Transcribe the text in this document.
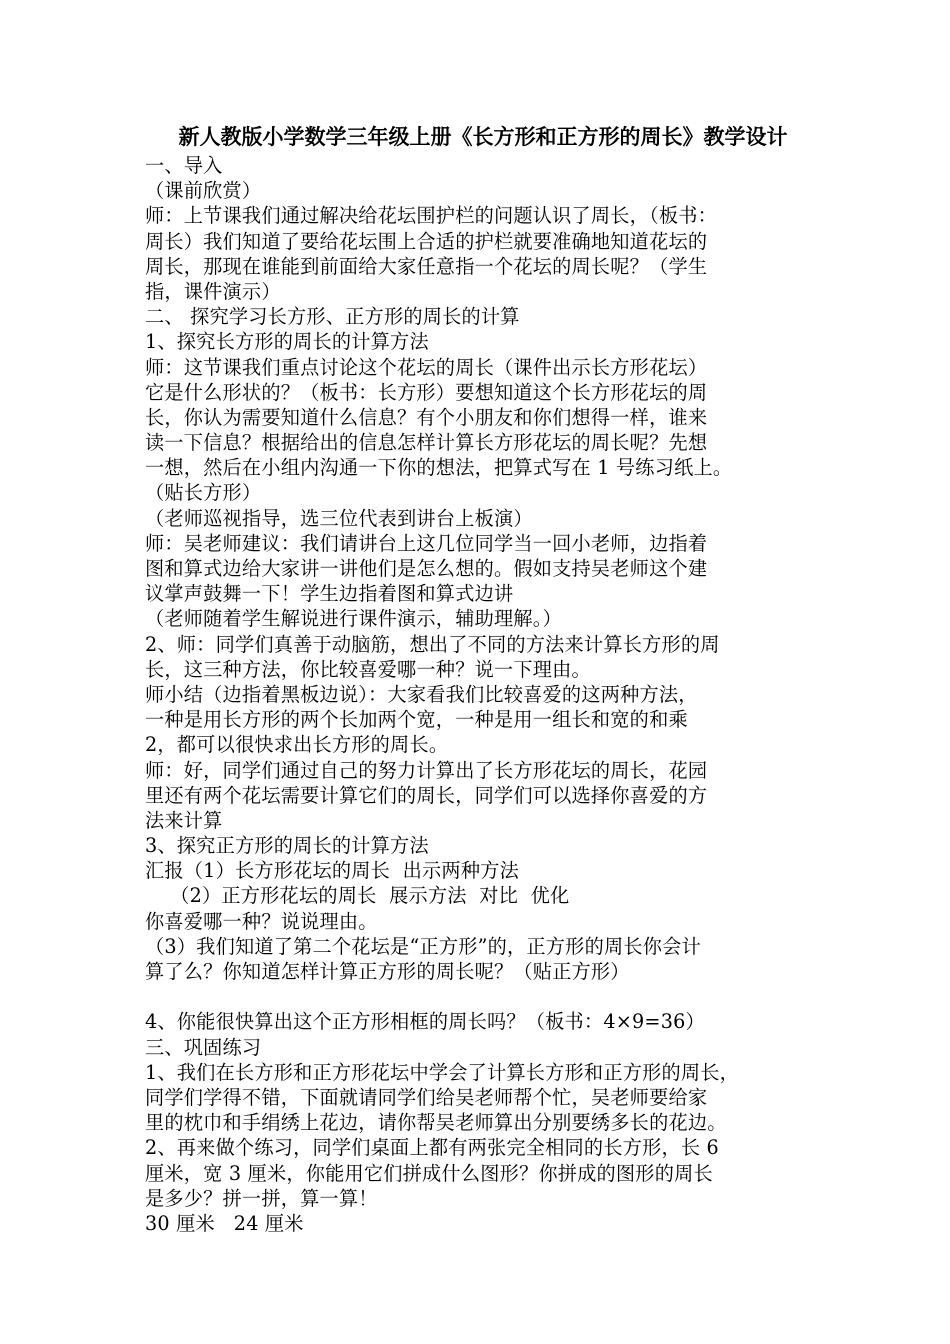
新人教版小学数学三年级上册《长方形和正方形的周长》教学设计
一、导入
（课前欣赏）
师：上节课我们通过解决给花坛围护栏的问题认识了周长，（板书：
周长）我们知道了要给花坛围上合适的护栏就要准确地知道花坛的
周长，那现在谁能到前面给大家任意指一个花坛的周长呢？（学生
指，课件演示）
二、 探究学习长方形、正方形的周长的计算
1、探究长方形的周长的计算方法
师：这节课我们重点讨论这个花坛的周长（课件出示长方形花坛）
它是什么形状的？（板书：长方形）要想知道这个长方形花坛的周
长，你认为需要知道什么信息？有个小朋友和你们想得一样，谁来
读一下信息？根据给出的信息怎样计算长方形花坛的周长呢？先想
一想，然后在小组内沟通一下你的想法，把算式写在 1 号练习纸上。
（贴长方形）
（老师巡视指导，选三位代表到讲台上板演）
师：吴老师建议：我们请讲台上这几位同学当一回小老师，边指着
图和算式边给大家讲一讲他们是怎么想的。假如支持吴老师这个建
议掌声鼓舞一下！学生边指着图和算式边讲
（老师随着学生解说进行课件演示，辅助理解。）
2、师：同学们真善于动脑筋，想出了不同的方法来计算长方形的周
长，这三种方法，你比较喜爱哪一种？说一下理由。
师小结（边指着黑板边说）：大家看我们比较喜爱的这两种方法，
一种是用长方形的两个长加两个宽，一种是用一组长和宽的和乘
2，都可以很快求出长方形的周长。
师：好，同学们通过自己的努力计算出了长方形花坛的周长，花园
里还有两个花坛需要计算它们的周长，同学们可以选择你喜爱的方
法来计算
3、探究正方形的周长的计算方法
汇报（1）长方形花坛的周长  出示两种方法
（2）正方形花坛的周长  展示方法  对比  优化
你喜爱哪一种？说说理由。
（3）我们知道了第二个花坛是“正方形”的，正方形的周长你会计
算了么？你知道怎样计算正方形的周长呢？（贴正方形）
4、你能很快算出这个正方形相框的周长吗？（板书：4×9=36）
三、巩固练习
1、我们在长方形和正方形花坛中学会了计算长方形和正方形的周长，
同学们学得不错，下面就请同学们给吴老师帮个忙，吴老师要给家
里的枕巾和手绢绣上花边，请你帮吴老师算出分别要绣多长的花边。
2、再来做个练习，同学们桌面上都有两张完全相同的长方形，长 6
厘米，宽 3 厘米，你能用它们拼成什么图形？你拼成的图形的周长
是多少？拼一拼，算一算！
30 厘米   24 厘米
